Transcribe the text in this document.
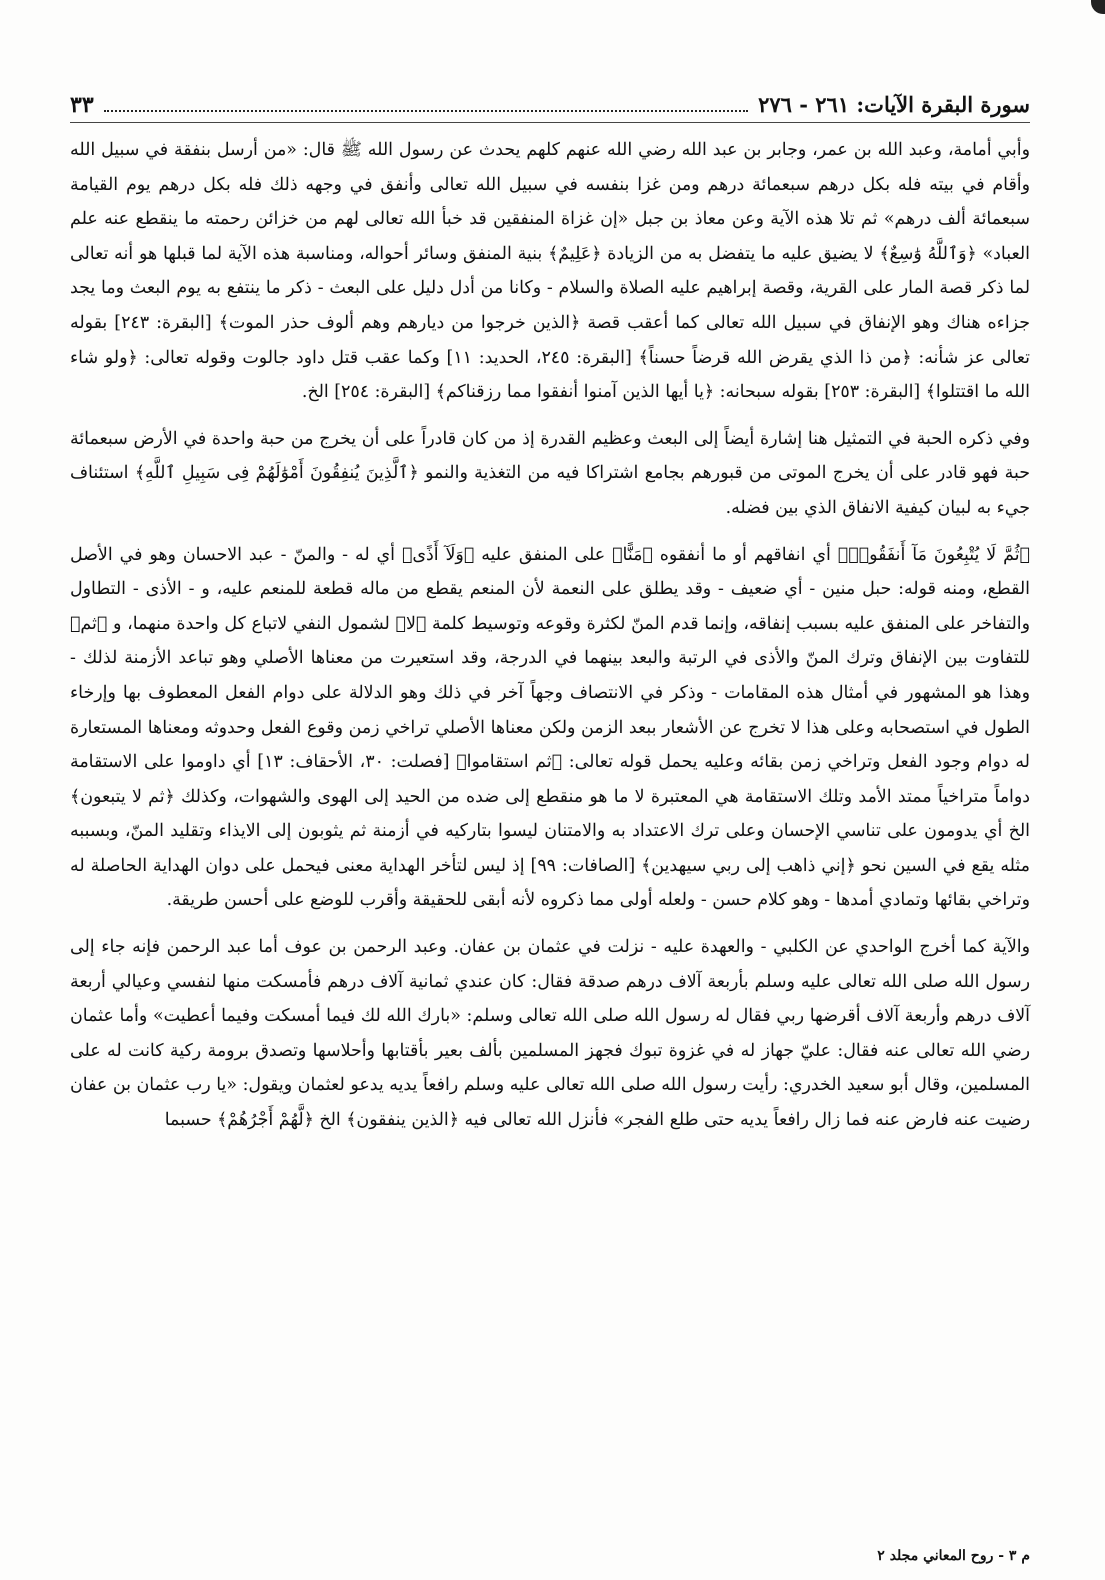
سورة البقرة الآيات: ٢٦١ - ٢٧٦
٣٣

وأبي أمامة، وعبد الله بن عمر، وجابر بن عبد الله رضي الله عنهم كلهم يحدث عن رسول الله ﷺ قال: «من أرسل بنفقة في سبيل الله وأقام في بيته فله بكل درهم سبعمائة درهم ومن غزا بنفسه في سبيل الله تعالى وأنفق في وجهه ذلك فله بكل درهم يوم القيامة سبعمائة ألف درهم» ثم تلا هذه الآية وعن معاذ بن جبل «إن غزاة المنفقين قد خبأ الله تعالى لهم من خزائن رحمته ما ينقطع عنه علم العباد» ﴿وَٱللَّهُ وَٰسِعٌ﴾ لا يضيق عليه ما يتفضل به من الزيادة ﴿عَلِيمٌ﴾ بنية المنفق وسائر أحواله، ومناسبة هذه الآية لما قبلها هو أنه تعالى لما ذكر قصة المار على القرية، وقصة إبراهيم عليه الصلاة والسلام - وكانا من أدل دليل على البعث - ذكر ما ينتفع به يوم البعث وما يجد جزاءه هناك وهو الإنفاق في سبيل الله تعالى كما أعقب قصة ﴿الذين خرجوا من ديارهم وهم ألوف حذر الموت﴾ [البقرة: ٢٤٣] بقوله تعالى عز شأنه: ﴿من ذا الذي يقرض الله قرضاً حسناً﴾ [البقرة: ٢٤٥، الحديد: ١١] وكما عقب قتل داود جالوت وقوله تعالى: ﴿ولو شاء الله ما اقتتلوا﴾ [البقرة: ٢٥٣] بقوله سبحانه: ﴿يا أيها الذين آمنوا أنفقوا مما رزقناكم﴾ [البقرة: ٢٥٤] الخ.

وفي ذكره الحبة في التمثيل هنا إشارة أيضاً إلى البعث وعظيم القدرة إذ من كان قادراً على أن يخرج من حبة واحدة في الأرض سبعمائة حبة فهو قادر على أن يخرج الموتى من قبورهم بجامع اشتراكا فيه من التغذية والنمو ﴿ٱلَّذِينَ يُنفِقُونَ أَمْوَٰلَهُمْ فِى سَبِيلِ ٱللَّهِ﴾ استئناف جيء به لبيان كيفية الانفاق الذي بين فضله.

﴿ثُمَّ لَا يُتْبِعُونَ مَآ أَنفَقُوا۟﴾ أي انفاقهم أو ما أنفقوه ﴿مَنًّا﴾ على المنفق عليه ﴿وَلَآ أَذًى﴾ أي له - والمنّ - عبد الاحسان وهو في الأصل القطع، ومنه قوله: حبل منين - أي ضعيف - وقد يطلق على النعمة لأن المنعم يقطع من ماله قطعة للمنعم عليه، و - الأذى - التطاول والتفاخر على المنفق عليه بسبب إنفاقه، وإنما قدم المنّ لكثرة وقوعه وتوسيط كلمة ﴿لا﴾ لشمول النفي لاتباع كل واحدة منهما، و ﴿ثم﴾ للتفاوت بين الإنفاق وترك المنّ والأذى في الرتبة والبعد بينهما في الدرجة، وقد استعيرت من معناها الأصلي وهو تباعد الأزمنة لذلك - وهذا هو المشهور في أمثال هذه المقامات - وذكر في الانتصاف وجهاً آخر في ذلك وهو الدلالة على دوام الفعل المعطوف بها وإرخاء الطول في استصحابه وعلى هذا لا تخرج عن الأشعار ببعد الزمن ولكن معناها الأصلي تراخي زمن وقوع الفعل وحدوثه ومعناها المستعارة له دوام وجود الفعل وتراخي زمن بقائه وعليه يحمل قوله تعالى: ﴿ثم استقاموا﴾ [فصلت: ٣٠، الأحقاف: ١٣] أي داوموا على الاستقامة دواماً متراخياً ممتد الأمد وتلك الاستقامة هي المعتبرة لا ما هو منقطع إلى ضده من الحيد إلى الهوى والشهوات، وكذلك ﴿ثم لا يتبعون﴾ الخ أي يدومون على تناسي الإحسان وعلى ترك الاعتداد به والامتنان ليسوا بتاركيه في أزمنة ثم يثوبون إلى الايذاء وتقليد المنّ، وبسببه مثله يقع في السين نحو ﴿إني ذاهب إلى ربي سيهدين﴾ [الصافات: ٩٩] إذ ليس لتأخر الهداية معنى فيحمل على دوان الهداية الحاصلة له وتراخي بقائها وتمادي أمدها - وهو كلام حسن - ولعله أولى مما ذكروه لأنه أبقى للحقيقة وأقرب للوضع على أحسن طريقة.

والآية كما أخرج الواحدي عن الكلبي - والعهدة عليه - نزلت في عثمان بن عفان. وعبد الرحمن بن عوف أما عبد الرحمن فإنه جاء إلى رسول الله صلى الله تعالى عليه وسلم بأربعة آلاف درهم صدقة فقال: كان عندي ثمانية آلاف درهم فأمسكت منها لنفسي وعيالي أربعة آلاف درهم وأربعة آلاف أقرضها ربي فقال له رسول الله صلى الله تعالى وسلم: «بارك الله لك فيما أمسكت وفيما أعطيت» وأما عثمان رضي الله تعالى عنه فقال: عليّ جهاز له في غزوة تبوك فجهز المسلمين بألف بعير بأقتابها وأحلاسها وتصدق برومة ركية كانت له على المسلمين، وقال أبو سعيد الخدري: رأيت رسول الله صلى الله تعالى عليه وسلم رافعاً يديه يدعو لعثمان ويقول: «يا رب عثمان بن عفان رضيت عنه فارض عنه فما زال رافعاً يديه حتى طلع الفجر» فأنزل الله تعالى فيه ﴿الذين ينفقون﴾ الخ ﴿لَّهُمْ أَجْرُهُمْ﴾ حسبما

م ٣ - روح المعاني مجلد ٢
